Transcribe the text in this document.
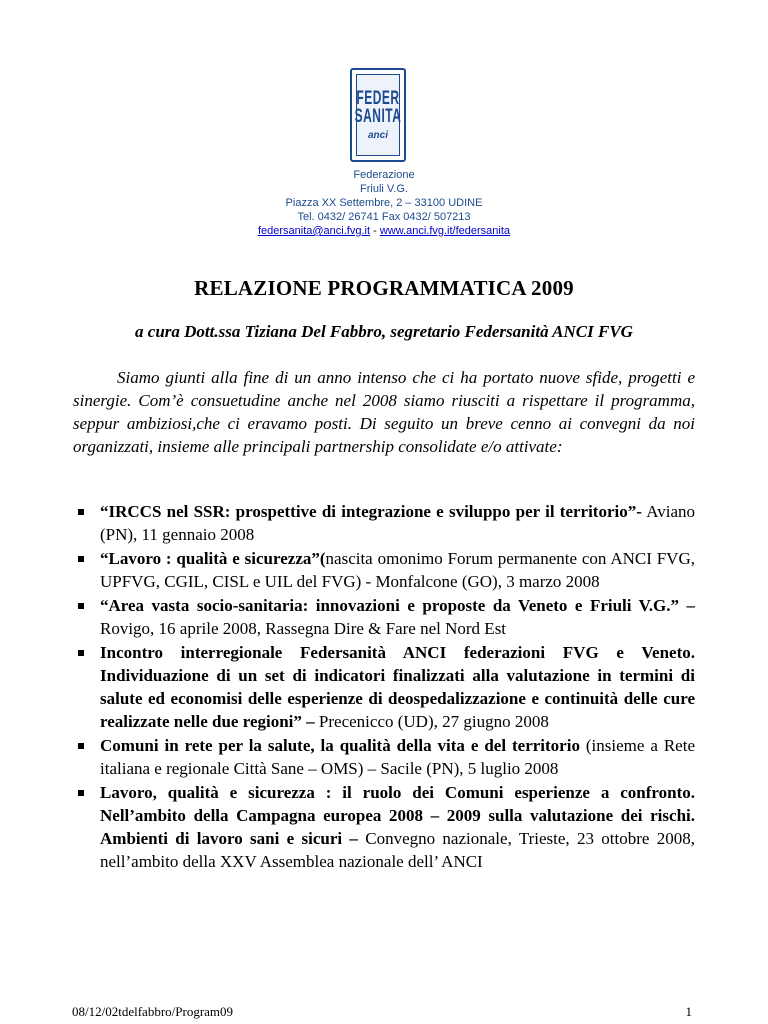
FEDER
SANITA
anci
Federazione
Friuli V.G.
Piazza XX Settembre, 2 – 33100 UDINE
Tel. 0432/ 26741 Fax 0432/ 507213
federsanita@anci.fvg.it - www.anci.fvg.it/federsanita
RELAZIONE PROGRAMMATICA 2009
a cura Dott.ssa Tiziana Del Fabbro, segretario Federsanità ANCI FVG
Siamo giunti alla fine di un anno intenso che ci ha portato nuove sfide, progetti e sinergie. Com’è consuetudine anche nel 2008 siamo riusciti a rispettare il programma, seppur ambiziosi,che ci eravamo posti. Di seguito un breve cenno ai convegni da noi organizzati, insieme alle principali partnership consolidate e/o attivate:
“IRCCS nel SSR: prospettive di integrazione e sviluppo per il territorio”- Aviano (PN), 11 gennaio 2008
“Lavoro : qualità e sicurezza”(nascita omonimo Forum permanente con ANCI FVG, UPFVG, CGIL, CISL e UIL del FVG) - Monfalcone (GO), 3 marzo 2008
“Area vasta socio-sanitaria: innovazioni e proposte da Veneto e Friuli V.G.” – Rovigo, 16 aprile 2008, Rassegna Dire & Fare nel Nord Est
Incontro interregionale Federsanità ANCI federazioni FVG e Veneto. Individuazione di un set di indicatori finalizzati alla valutazione in termini di salute ed economisi delle esperienze di deospedalizzazione e continuità delle cure realizzate nelle due regioni” – Precenicco (UD), 27 giugno 2008
Comuni in rete per la salute, la qualità della vita e del territorio (insieme a Rete italiana e regionale Città Sane – OMS) – Sacile (PN), 5 luglio 2008
Lavoro, qualità e sicurezza : il ruolo dei Comuni esperienze a confronto. Nell’ambito della Campagna europea 2008 – 2009 sulla valutazione dei rischi. Ambienti di lavoro sani e sicuri – Convegno nazionale, Trieste, 23 ottobre 2008, nell’ambito della XXV Assemblea nazionale dell’ ANCI
08/12/02tdelfabbro/Program09	1
